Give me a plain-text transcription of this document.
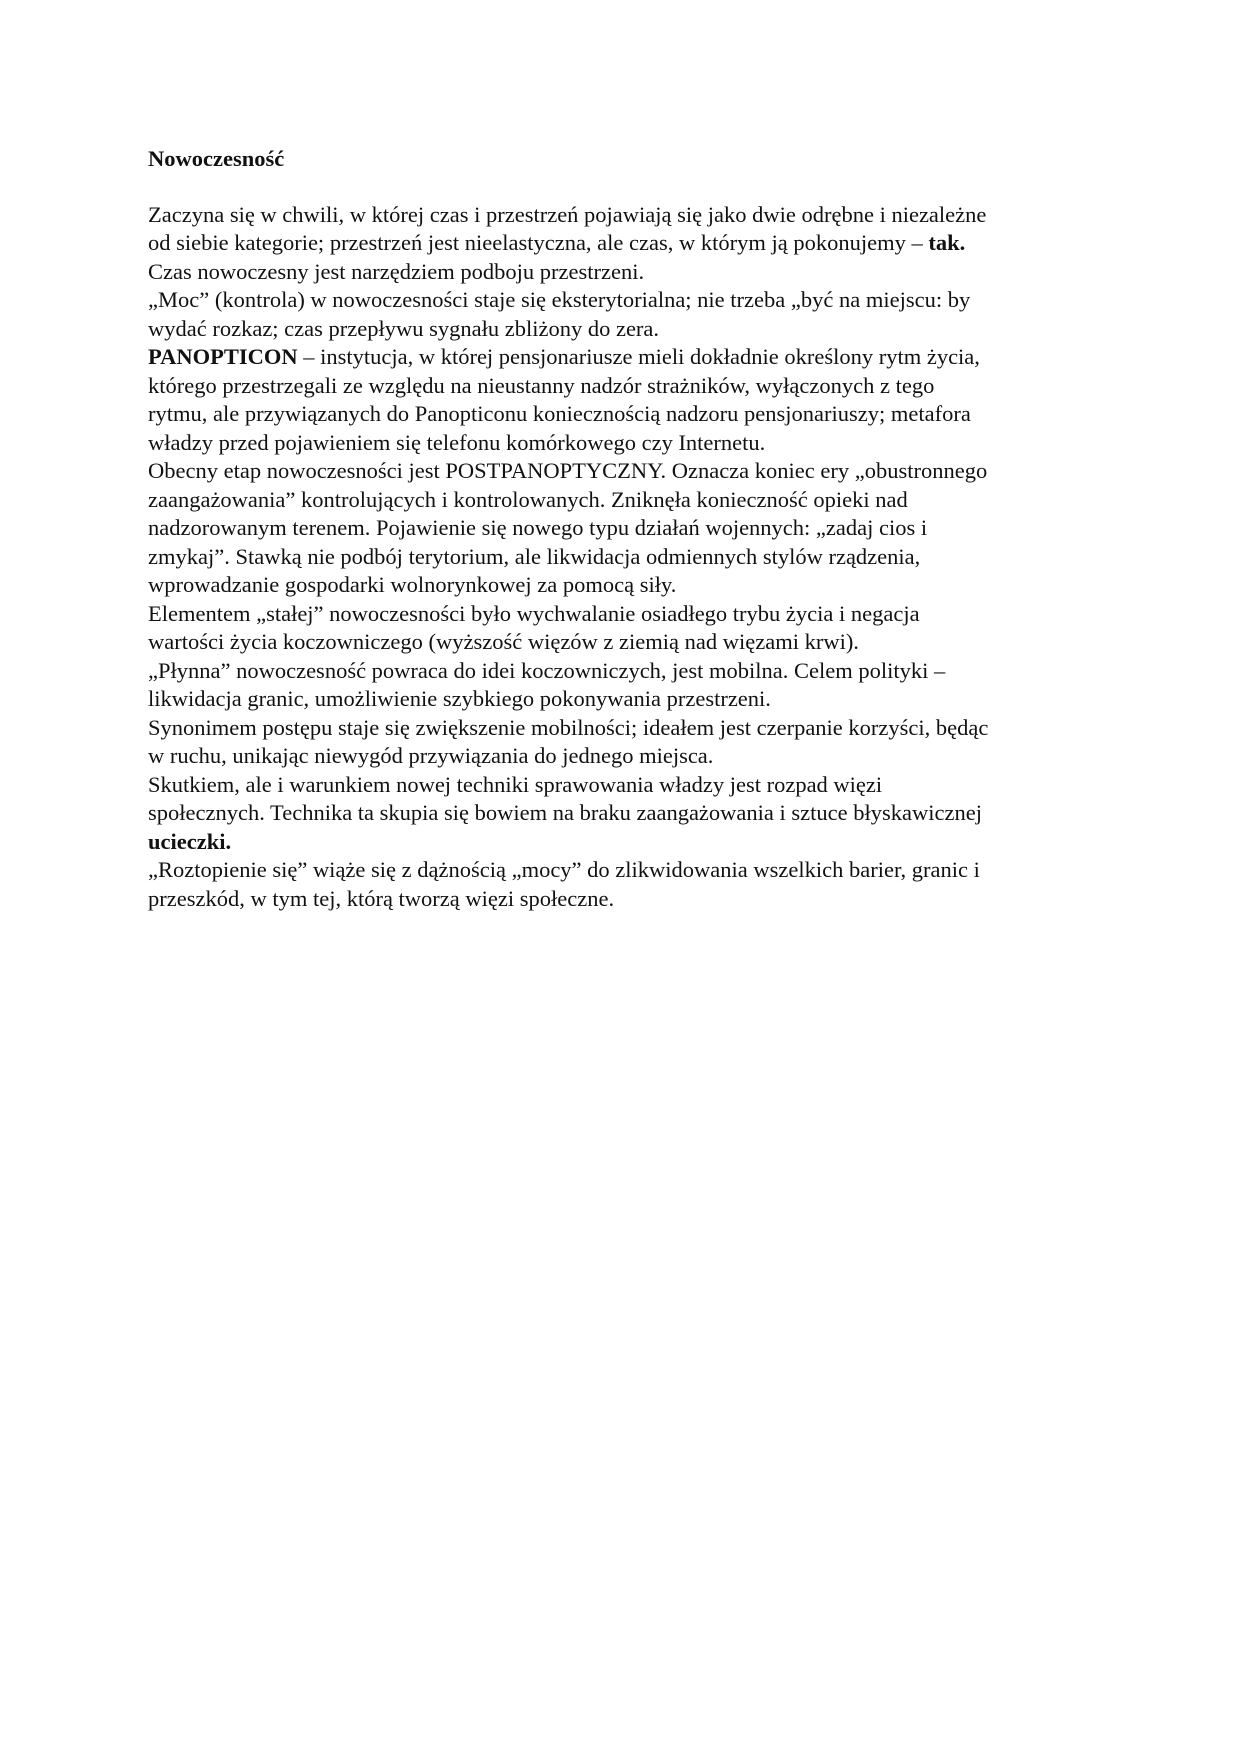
Nowoczesność
Zaczyna się w chwili, w której czas i przestrzeń pojawiają się jako dwie odrębne i niezależne
od siebie kategorie; przestrzeń jest nieelastyczna, ale czas, w którym ją pokonujemy – tak.
Czas nowoczesny jest narzędziem podboju przestrzeni.
„Moc” (kontrola) w nowoczesności staje się eksterytorialna; nie trzeba „być na miejscu: by
wydać rozkaz; czas przepływu sygnału zbliżony do zera.
PANOPTICON – instytucja, w której pensjonariusze mieli dokładnie określony rytm życia,
którego przestrzegali ze względu na nieustanny nadzór strażników, wyłączonych z tego
rytmu, ale przywiązanych do Panopticonu koniecznością nadzoru pensjonariuszy; metafora
władzy przed pojawieniem się telefonu komórkowego czy Internetu.
Obecny etap nowoczesności jest POSTPANOPTYCZNY. Oznacza koniec ery „obustronnego
zaangażowania” kontrolujących i kontrolowanych. Zniknęła konieczność opieki nad
nadzorowanym terenem. Pojawienie się nowego typu działań wojennych: „zadaj cios i
zmykaj”. Stawką nie podbój terytorium, ale likwidacja odmiennych stylów rządzenia,
wprowadzanie gospodarki wolnorynkowej za pomocą siły.
Elementem „stałej” nowoczesności było wychwalanie osiadłego trybu życia i negacja
wartości życia koczowniczego (wyższość więzów z ziemią nad więzami krwi).
„Płynna” nowoczesność powraca do idei koczowniczych, jest mobilna. Celem polityki –
likwidacja granic, umożliwienie szybkiego pokonywania przestrzeni.
Synonimem postępu staje się zwiększenie mobilności; ideałem jest czerpanie korzyści, będąc
w ruchu, unikając niewygód przywiązania do jednego miejsca.
Skutkiem, ale i warunkiem nowej techniki sprawowania władzy jest rozpad więzi
społecznych. Technika ta skupia się bowiem na braku zaangażowania i sztuce błyskawicznej
ucieczki.
„Roztopienie się” wiąże się z dążnością „mocy” do zlikwidowania wszelkich barier, granic i
przeszkód, w tym tej, którą tworzą więzi społeczne.
